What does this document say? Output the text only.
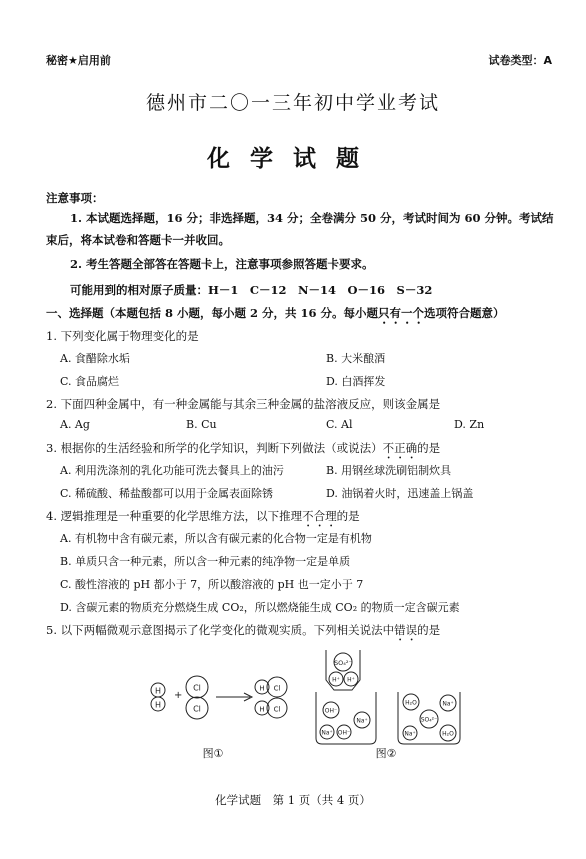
秘密★启用前	试卷类型：A
德州市二〇一三年初中学业考试
化学试题
注意事项：
1. 本试题选择题，16 分；非选择题，34 分；全卷满分 50 分，考试时间为 60 分钟。考试结束后，将本试卷和答题卡一并收回。
2. 考生答题全部答在答题卡上，注意事项参照答题卡要求。
可能用到的相对原子质量：H－1　C－12　N－14　O－16　S－32
一、选择题（本题包括 8 小题，每小题 2 分，共 16 分。每小题只有一个选项符合题意）
1. 下列变化属于物理变化的是
A. 食醋除水垢	B. 大米酿酒
C. 食品腐烂	D. 白酒挥发
2. 下面四种金属中，有一种金属能与其余三种金属的盐溶液反应，则该金属是
A. Ag	B. Cu	C. Al	D. Zn
3. 根据你的生活经验和所学的化学知识，判断下列做法（或说法）不正确的是
A. 利用洗涤剂的乳化功能可洗去餐具上的油污	B. 用钢丝球洗刷铝制炊具
C. 稀硫酸、稀盐酸都可以用于金属表面除锈	D. 油锅着火时，迅速盖上锅盖
4. 逻辑推理是一种重要的化学思维方法，以下推理不合理的是
A. 有机物中含有碳元素，所以含有碳元素的化合物一定是有机物
B. 单质只含一种元素，所以含一种元素的纯净物一定是单质
C. 酸性溶液的 pH 都小于 7，所以酸溶液的 pH 也一定小于 7
D. 含碳元素的物质充分燃烧生成 CO₂，所以燃烧能生成 CO₂ 的物质一定含碳元素
5. 以下两幅微观示意图揭示了化学变化的微观实质。下列相关说法中错误的是
H
H
+
Cl
Cl
H Cl
H Cl
SO₄²⁻
H⁺ H⁺
OH⁻
Na⁺
Na⁺ OH⁻
H₂O	Na⁺
SO₄²⁻
Na⁺	H₂O
图①	图②
化学试题　第 1 页（共 4 页）
